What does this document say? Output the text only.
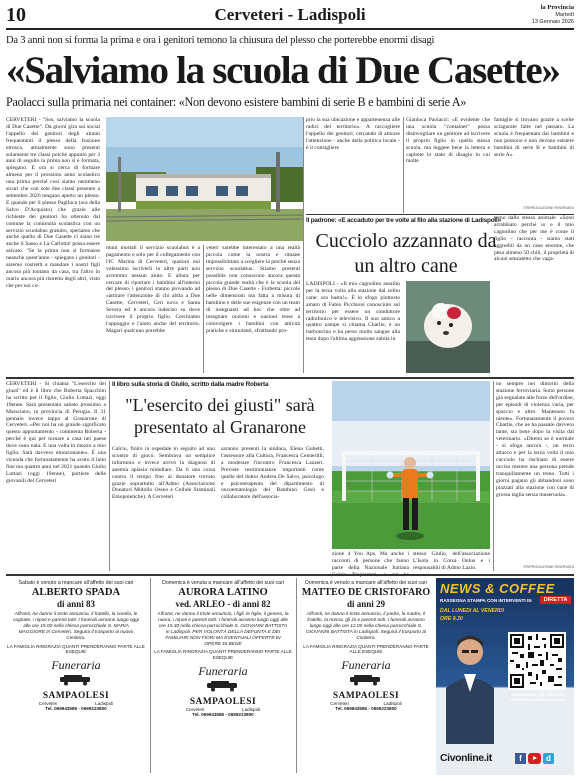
10	Cerveteri - Ladispoli	la Provincia
Martedì
13 Gennaio 2026
Da 3 anni non si forma la prima e ora i genitori temono la chiusura del plesso che porterebbe enormi disagi
«Salviamo la scuola di Due Casette»
Paolacci sulla primaria nei container: «Non devono esistere bambini di serie B e bambini di serie A»
CERVETERI - "Sos, salviamo la scuola di Due Casette". Da giorni gira sui social l'appello dei genitori degli alunni frequentanti il plesso della frazione etrusca, attualmente sono presenti solamente tre classi poiché appunto per 3 anni di seguito la prima non si è formata, spiegano. E ora si cerca di formare almeno per il prossimo anno scolastico una prima perché così siamo nemmeno sicuri che con sole due classi presente a settembre 2026 tengano aperto un plesso. E quando per il plesso Pagliuca (ora della Salvo D'Acquisto) che grazie alle richieste dei genitori ha ottenuto dal comune la continuità scolastica con un servizio scuolabus gratuito, speriamo che anche quello di Due Casette ci siano tre anche il Sasso e La Carlotta! possa essere salvato. "Se la prima non si formasse neanche quest'anno - spiegano i genitori - saremo costretti a mandare i nostri figli ancora più lontano da casa, tra l'altro in orario ancora più ristretto degli altri, visto che per noi co-
muni mortali il servizio scuolabus è a pagamento e solo per il collegamento con l'IC Marina di Cerveteri, qualora noi volessimo iscriverli in altre parti non avremmo nessun aiuto. E allora per cercare di riportare i bambini all'interno del plesso, i genitori stanno provando ad «attirare l'attenzione di chi abita a Due Casette, Cerveteri, Ceri nova e Santa Severa ed è ancora indeciso su dove iscrivere il proprio figlio. Cerchiamo l'appoggio e l'aiuto anche del territorio. Magari qualcuno potrebbe
veteri sarebbe interessato a una realtà piccola come la nostra e rimane impossibilitato a scegliere la perché senza servizio scuolabus. Stiamo presenti possibile non conoscono ancora questa piccola grande realtà che è la scuola del plesso di Due Casette - Furbetta: piccole nelle dimensioni ma fatta a misura di bambino e delle sue esigenze con un team di insegnanti ad hoc che oltre ad insegnare nozioni e nazioni tesse a coinvolgere i bambini con attività pratiche e stimolanti, sfruttando pro-
prio la sua ubicazione e appartenenza alle radici del territorio». A raccogliere l'appello dei genitori, cercando di attirare l'attenzione - anche della politica locale - è il consigliere
Gianluca Paolacci: «È evidente che una scuola "container" possa disinvogliare un genitore ad iscrivere il proprio figlio in quella stessa scuola, ma leggete bene la lettera e capirete lo stato di disagio in cui molte
famiglie si trovano grazie a scelte sciagurate fatte nel passato. La scuola è frequentata dai bambini e non possono e non devono esistere bambini di serie B e bambini di serie A».
©RIPRODUZIONE RISERVATA
Il padrone: «È accaduto per tre volte al filo alla stazione di Ladispoli»
Cucciolo azzannato da un altro cane
LADISPOLI - «Il mio cagnolino assalito per la terza volta alla stazione dal solito cane: ora basta!». È lo sfogo piuttosto amaro di Fabio Picchioni conosciuto sul territorio per essere un conduttore radiofonico e televisivo. Il suo amico a quattro zampe si chiama Charlie, è un barboncino e ha perso molto sangue alla testa dopo l'ultima aggressione subita in
treno dallo stesso animale. «Sono arrabbiato perché io e il mio cagnolino che per me è come il figlio - racconta - siamo stati aggrediti da un cane enorme, che pesa almeno 50 chili, il proprietà di alcuni senzatetto che vaga-
CERVETERI - Si chiama "L'esercito dei giusti" ed è il libro che Roberta Spacchini ha scritto per il figlio, Giulio Luttazi, oggi 19enne. Sarà presentato sabato prossimo a Marsciano, in provincia di Perugia. Il 31 gennaio invece tappa al Granarone di Cerveteri. «Per noi ha un grande significato questo appuntamento - commenta Roberta - perché è qui per tornare a casa nel paese dove sono nata. E una volta in mezzo a mio figlio. Sarà davvero emozionante». È una vicenda che fortunatamente ha avuto il lieto fine ma quattro anni nel 2021 quando Giulio Luttazi (oggi 19enne), portiere delle giovanili del Cerveteri
Il libro sulla storia di Giulio, scritto dalla madre Roberta
"L'esercito dei giusti" sarà presentato al Granarone
Calcio, finito in ospedale in seguito ad uno scontro di gioco. Sembrava un semplice infortunio e invece arrivò la diagnosi di anemia aplasia midollare. Da li una corsa contro il tempo fino al donatore trovato grazie soprattutto all'Admo (Associazione Donatori Midollo Osseo e Cellule Staminali Emopoietiche). A Cerveteri
saranno presenti la sindaca, Elena Gubetti, l'assessore alla Cultura, Francesca Cennerilli, a moderare l'incontro Francesca Lazzeri. Previste testimonianze importanti come quelle del dottor Andrea De Salvo, psicologo e psicoterapeuta del dipartimento di oncoematologia del Bambino Gesù e collaboratore dell'associa-
zione 4 You Aps. Ma anche i racconti di persone che fanno parte della Nazionale Italiana
stesso Giulio, dell'associazione L'Isola in Corsa Onlus e i responsabili di Admo Lazio.
no sempre nei dintorni della stazione ferroviaria. Sono persone già segnalate alle forze dell'ordine, per episodi di violenza varia, per spaccio e altro. Manesuno fa niente». Fortunatamente il povero Charlie, che ne ha passate davvero tante, sta bene dopo la visita dal veterinario. «Ditemi se è normale - si sfoga ancora -, un terzo attacco e per la terza volta il mio cucciolo ha rischiato di essere ucciso mentre una persona prende tranquillamente un treno. Tutti i giorni pagano gli abbandoni sono piazzati alla stazione con cane di grossa taglia senza museruola».
©RIPRODUZIONE RISERVATA
Sabato è venuto a mancare all'affetto dei suoi cari
ALBERTO SPADA
di anni 83
Affranti, ne danno il triste annuncio, il fratello, la sorella, le cognate, i nipoti e parenti tutti. I funerali avranno luogo oggi alle ore 15.00 nella chiesa parrocchiale S. MARIA MAGGIORE in Cerveteri. Seguirà il trasporto al nuovo Cimitero.
LA FAMIGLIA RINGRAZIA QUANTI PRENDERANNO PARTE ALLE ESEQUIE
Funeraria
SAMPAOLESI
Cerveteri	Ladispoli
Tel. 069943586 - 0699223800
Domenica è venuta a mancare all'affetto dei suoi cari
AURORA LATINO
ved. ARLEO - di anni 82
Affranti, ne danno il triste annuncio, i figli, le figlie, il genero, la nuora, i nipoti e parenti tutti. I funerali avranno luogo oggi alle ore 15.30 nella chiesa parrocchiale S. GIOVANNI BATTISTA in Ladispoli. PER VOLONTÀ DELLA DEFUNTA E DEI FAMILIARI NON FIORI MA EVENTUALI OFFERTE IN OPERE DI BENE
LA FAMIGLIA RINGRAZIA QUANTI PRENDERANNO PARTE ALLE ESEQUIE
Funeraria
SAMPAOLESI
Cerveteri	Ladispoli
Tel. 069943586 - 0699223800
Domenica è venuto a mancare all'affetto dei suoi cari
MATTEO DE CRISTOFARO
di anni 29
Affranti, ne danno il triste annuncio, il padre, la madre, il fratello, la nonna, gli zii e parenti tutti. I funerali avranno luogo oggi alle ore 12.00 nella chiesa parrocchiale S. GIOVANNI BATTISTA in Ladispoli. Seguirà il trasporto al Cimitero.
LA FAMIGLIA RINGRAZIA QUANTI PRENDERANNO PARTE ALLE ESEQUIE
Funeraria
SAMPAOLESI
Cerveteri	Ladispoli
Tel. 069943586 - 0699223800
NEWS & COFFEE
RASSEGNA STAMPA CON INTERVENTI IN	DIRETTA
DAL LUNEDÌ AL VENERDÌ
ORE 9.30
SCANSIONA IL QR CODE PER VEDERE LA PUNTATA DI OGGI
Civonline.it	f	d
